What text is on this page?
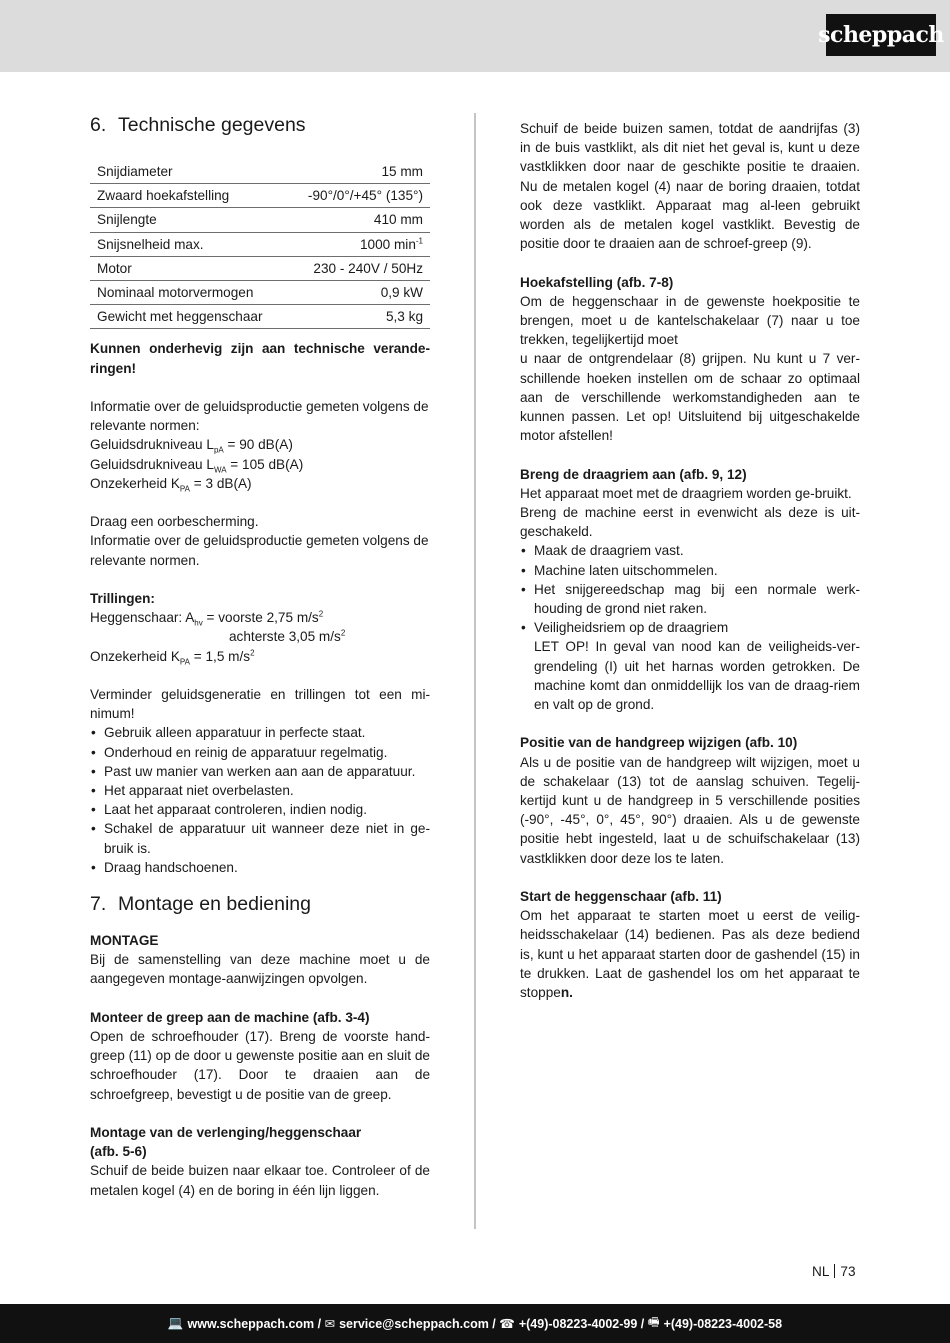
scheppach
6. Technische gegevens
Snijdiameter	15 mm
Zwaard hoekafstelling	-90°/0°/+45° (135°)
Snijlengte	410 mm
Snijsnelheid max.	1000 $\min^{-1}$
Motor	230 - 240V / 50Hz
Nominaal motorvermogen	0,9 kW
Gewicht met heggenschaar	5,3 kg

Kunnen onderhevig zijn aan technische verande-ringen!

Informatie over de geluidsproductie gemeten volgens de relevante normen:

Geluidsdrukniveau $L_{pA} = 90$ dB(A)

Geluidsdrukniveau $L_{WA} = 105$ dB(A)

Onzekerheid $K_{PA} = 3$ dB(A)

Draag een oorbescherming.

Informatie over de geluidsproductie gemeten volgens de relevante normen.

Trillingen:

Heggenschaar: $A_{hv}$ = voorste 2,75 $m/s^2$

achterste 3,05 $m/s^2$

Onzekerheid $K_{PA} = 1,5$ $m/s^2$

Verminder geluidsgeneratie en trillingen tot een mi-nimum!

• Gebruik alleen apparatuur in perfecte staat.
• Onderhoud en reinig de apparatuur regelmatig.
• Past uw manier van werken aan aan de apparatuur.
• Het apparaat niet overbelasten.
• Laat het apparaat controleren, indien nodig.
• Schakel de apparatuur uit wanneer deze niet in ge-bruik is.
• Draag handschoenen.
7. Montage en bediening

MONTAGE

Bij de samenstelling van deze machine moet u de aangegeven montage-aanwijzingen opvolgen.

Monteer de greep aan de machine (afb. 3-4)

Open de schroefhouder (17). Breng de voorste hand-greep (11) op de door u gewenste positie aan en sluit de schroefhouder (17). Door te draaien aan de schroefgreep, bevestigt u de positie van de greep.

Montage van de verlenging/heggenschaar

(afb. 5-6)

Schuif de beide buizen naar elkaar toe. Controleer of de metalen kogel (4) en de boring in één lijn liggen.

Schuif de beide buizen samen, totdat de aandrijfas (3) in de buis vastklikt, als dit niet het geval is, kunt u deze vastklikken door naar de geschikte positie te draaien. Nu de metalen kogel (4) naar de boring draaien, totdat ook deze vastklikt. Apparaat mag al-leen gebruikt worden als de metalen kogel vastklikt. Bevestig de positie door te draaien aan de schroef-greep (9).

Hoekafstelling (afb. 7-8)

Om de heggenschaar in de gewenste hoekpositie te brengen, moet u de kantelschakelaar (7) naar u toe trekken, tegelijkertijd moet

u naar de ontgrendelaar (8) grijpen. Nu kunt u 7 ver-schillende hoeken instellen om de schaar zo optimaal aan de verschillende werkomstandigheden aan te kunnen passen. Let op! Uitsluitend bij uitgeschakelde motor afstellen!

Breng de draagriem aan (afb. 9, 12)

Het apparaat moet met de draagriem worden ge-bruikt.

Breng de machine eerst in evenwicht als deze is uit-geschakeld.

• Maak de draagriem vast.
• Machine laten uitschommelen.
• Het snijgereedschap mag bij een normale werk-houding de grond niet raken.
• Veiligheidsriem op de draagriem

LET OP! In geval van nood kan de veiligheids-ver-grendeling (I) uit het harnas worden getrokken. De machine komt dan onmiddellijk los van de draag-riem en valt op de grond.

Positie van de handgreep wijzigen (afb. 10)

Als u de positie van de handgreep wilt wijzigen, moet u de schakelaar (13) tot de aanslag schuiven. Tegelij-kertijd kunt u de handgreep in 5 verschillende posities (-90°, -45°, 0°, 45°, 90°) draaien. Als u de gewenste positie hebt ingesteld, laat u de schuifschakelaar (13) vastklikken door deze los te laten.

Start de heggenschaar (afb. 11)

Om het apparaat te starten moet u eerst de veilig-heidsschakelaar (14) bedienen. Pas als deze bediend is, kunt u het apparaat starten door de gashendel (15) in te drukken. Laat de gashendel los om het apparaat te stoppen.

NL 73
💻 www.scheppach.com / ✉ service@scheppach.com / ☎ +(49)-08223-4002-99 / 🖷 +(49)-08223-4002-58
